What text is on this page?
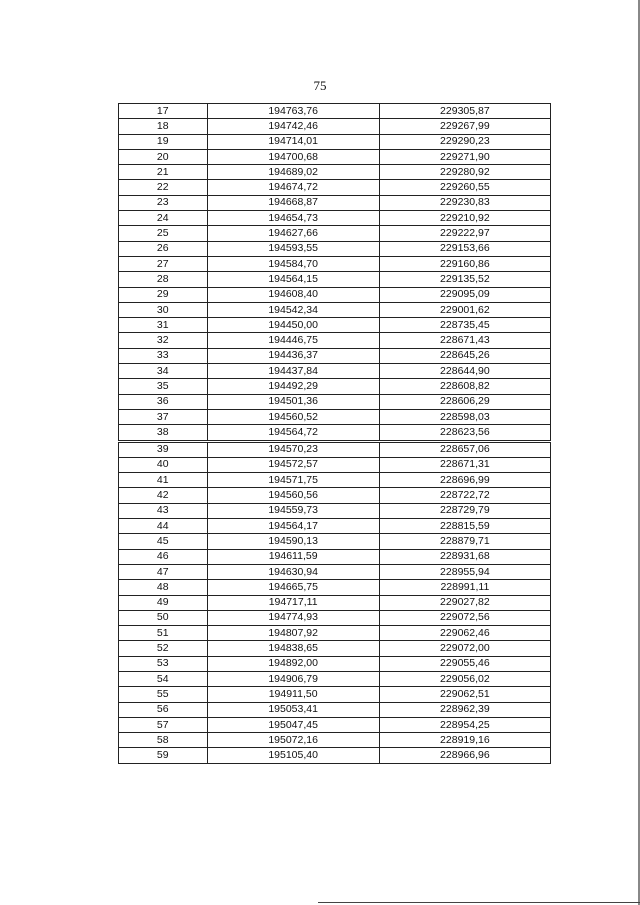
75
17	194763,76	229305,87
18	194742,46	229267,99
19	194714,01	229290,23
20	194700,68	229271,90
21	194689,02	229280,92
22	194674,72	229260,55
23	194668,87	229230,83
24	194654,73	229210,92
25	194627,66	229222,97
26	194593,55	229153,66
27	194584,70	229160,86
28	194564,15	229135,52
29	194608,40	229095,09
30	194542,34	229001,62
31	194450,00	228735,45
32	194446,75	228671,43
33	194436,37	228645,26
34	194437,84	228644,90
35	194492,29	228608,82
36	194501,36	228606,29
37	194560,52	228598,03
38	194564,72	228623,56
39	194570,23	228657,06
40	194572,57	228671,31
41	194571,75	228696,99
42	194560,56	228722,72
43	194559,73	228729,79
44	194564,17	228815,59
45	194590,13	228879,71
46	194611,59	228931,68
47	194630,94	228955,94
48	194665,75	228991,11
49	194717,11	229027,82
50	194774,93	229072,56
51	194807,92	229062,46
52	194838,65	229072,00
53	194892,00	229055,46
54	194906,79	229056,02
55	194911,50	229062,51
56	195053,41	228962,39
57	195047,45	228954,25
58	195072,16	228919,16
59	195105,40	228966,96
